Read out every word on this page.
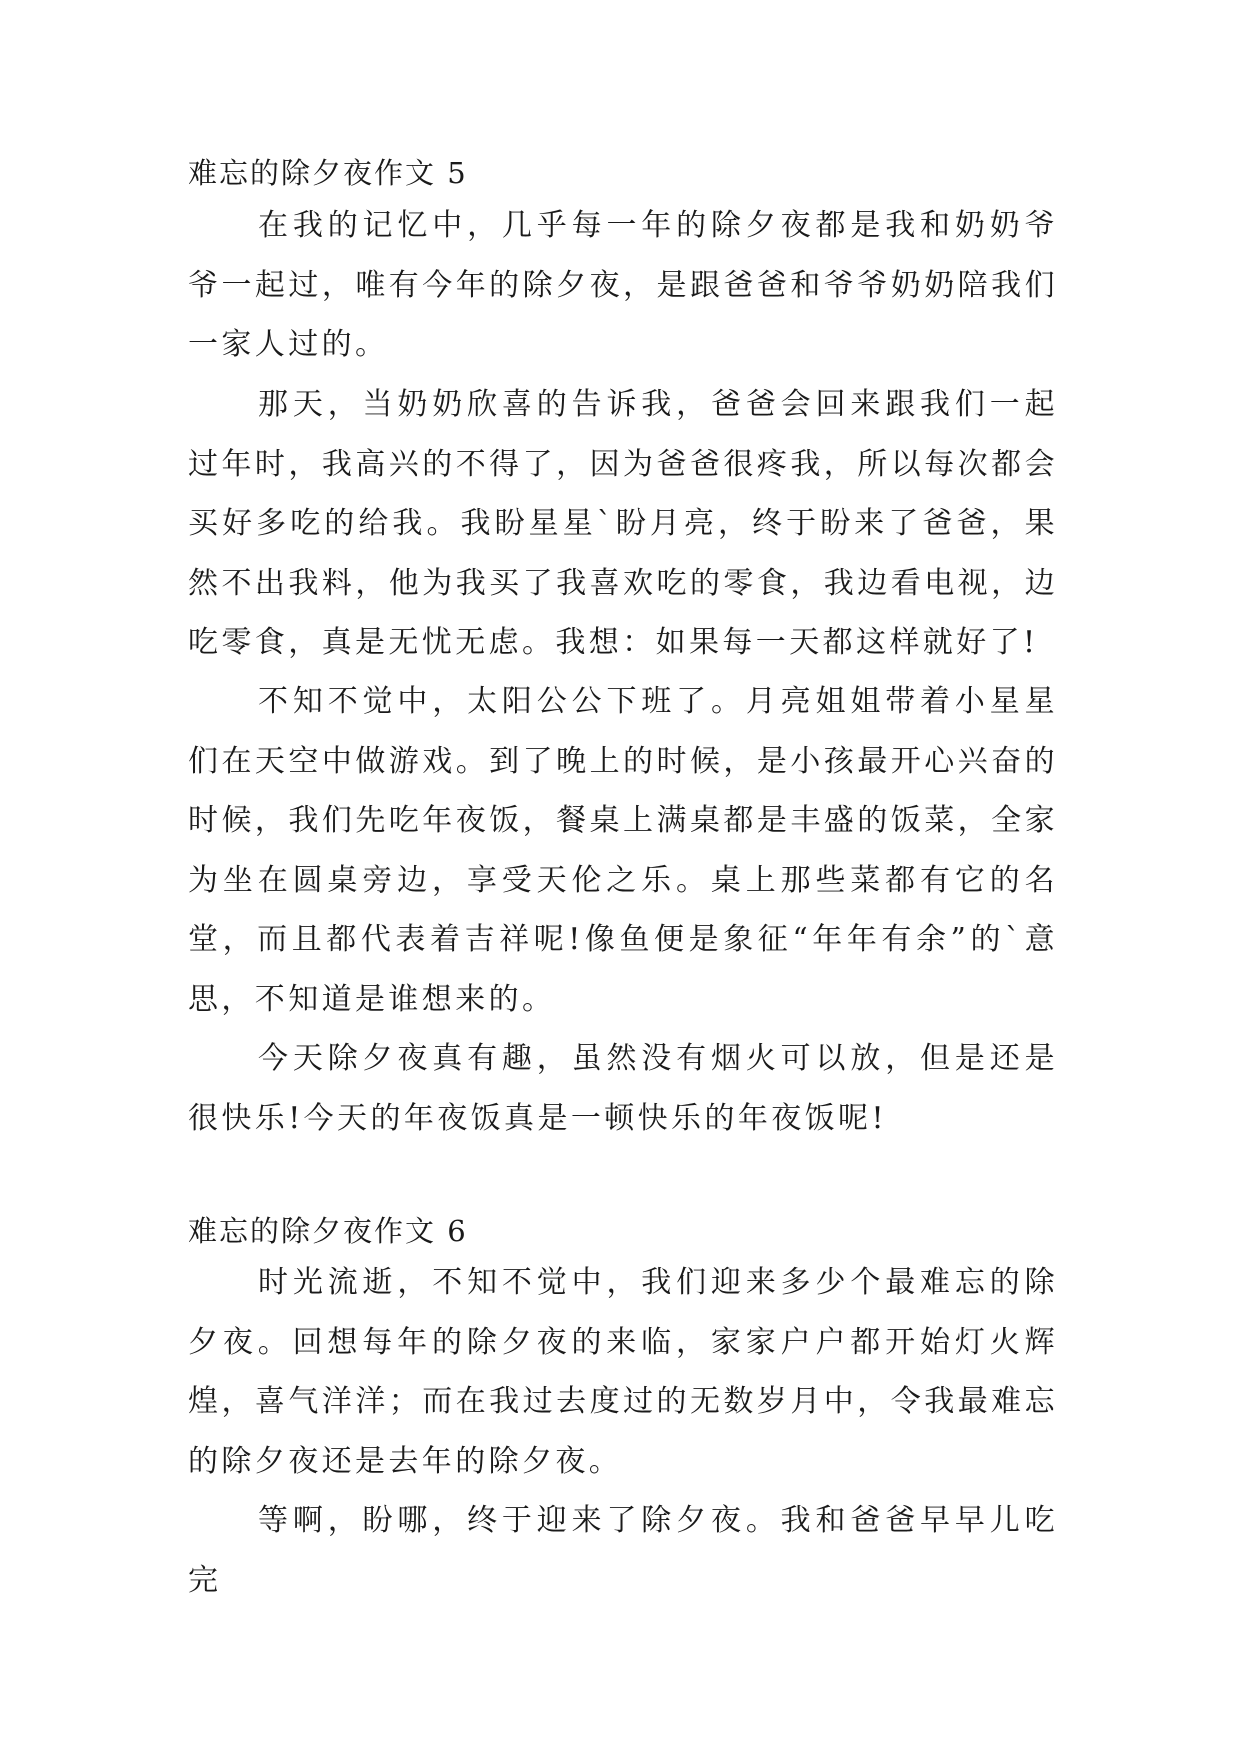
难忘的除夕夜作文 5

在我的记忆中，几乎每一年的除夕夜都是我和奶奶爷爷一起过，唯有今年的除夕夜，是跟爸爸和爷爷奶奶陪我们一家人过的。

那天，当奶奶欣喜的告诉我，爸爸会回来跟我们一起过年时，我高兴的不得了，因为爸爸很疼我，所以每次都会买好多吃的给我。我盼星星`盼月亮，终于盼来了爸爸，果然不出我料，他为我买了我喜欢吃的零食，我边看电视，边吃零食，真是无忧无虑。我想：如果每一天都这样就好了!

不知不觉中，太阳公公下班了。月亮姐姐带着小星星们在天空中做游戏。到了晚上的时候，是小孩最开心兴奋的时候，我们先吃年夜饭，餐桌上满桌都是丰盛的饭菜，全家为坐在圆桌旁边，享受天伦之乐。桌上那些菜都有它的名堂，而且都代表着吉祥呢!像鱼便是象征“年年有余”的`意思，不知道是谁想来的。

今天除夕夜真有趣，虽然没有烟火可以放，但是还是很快乐!今天的年夜饭真是一顿快乐的年夜饭呢!

难忘的除夕夜作文 6

时光流逝，不知不觉中，我们迎来多少个最难忘的除夕夜。回想每年的除夕夜的来临，家家户户都开始灯火辉煌，喜气洋洋；而在我过去度过的无数岁月中，令我最难忘的除夕夜还是去年的除夕夜。

等啊，盼哪，终于迎来了除夕夜。我和爸爸早早儿吃完
